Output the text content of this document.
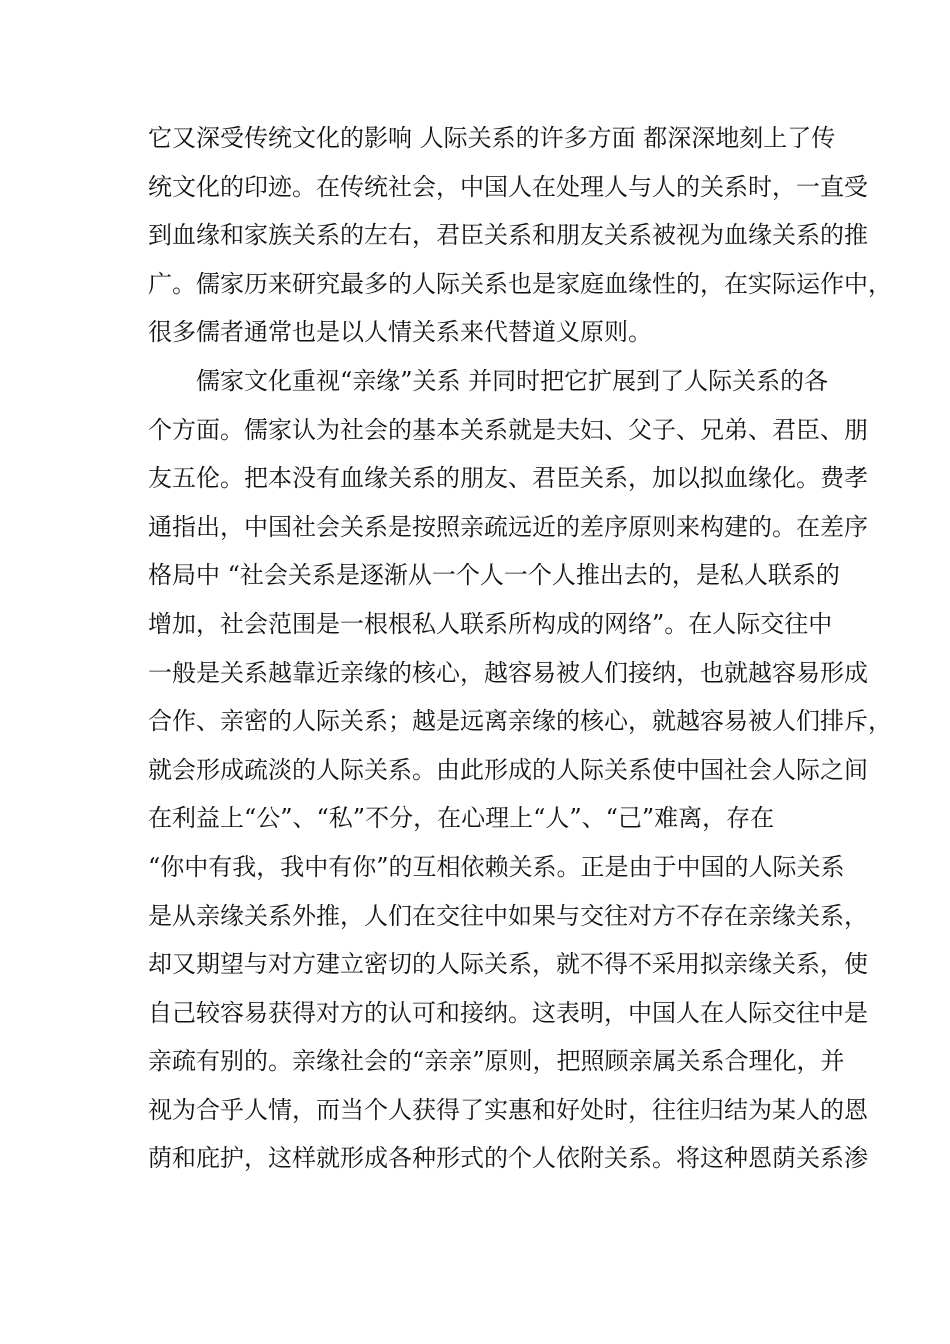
它又深受传统文化的影响 人际关系的许多方面 都深深地刻上了传
统文化的印迹。在传统社会，中国人在处理人与人的关系时，一直受
到血缘和家族关系的左右，君臣关系和朋友关系被视为血缘关系的推
广。儒家历来研究最多的人际关系也是家庭血缘性的，在实际运作中，
很多儒者通常也是以人情关系来代替道义原则。
儒家文化重视“亲缘”关系 并同时把它扩展到了人际关系的各
个方面。儒家认为社会的基本关系就是夫妇、父子、兄弟、君臣、朋
友五伦。把本没有血缘关系的朋友、君臣关系，加以拟血缘化。费孝
通指出，中国社会关系是按照亲疏远近的差序原则来构建的。在差序
格局中 “社会关系是逐渐从一个人一个人推出去的，是私人联系的
增加，社会范围是一根根私人联系所构成的网络”。在人际交往中
一般是关系越靠近亲缘的核心，越容易被人们接纳，也就越容易形成
合作、亲密的人际关系；越是远离亲缘的核心，就越容易被人们排斥，
就会形成疏淡的人际关系。由此形成的人际关系使中国社会人际之间
在利益上“公”、“私”不分，在心理上“人”、“己”难离，存在
“你中有我，我中有你”的互相依赖关系。正是由于中国的人际关系
是从亲缘关系外推，人们在交往中如果与交往对方不存在亲缘关系，
却又期望与对方建立密切的人际关系，就不得不采用拟亲缘关系，使
自己较容易获得对方的认可和接纳。这表明，中国人在人际交往中是
亲疏有别的。亲缘社会的“亲亲”原则，把照顾亲属关系合理化，并
视为合乎人情，而当个人获得了实惠和好处时，往往归结为某人的恩
荫和庇护，这样就形成各种形式的个人依附关系。将这种恩荫关系渗
